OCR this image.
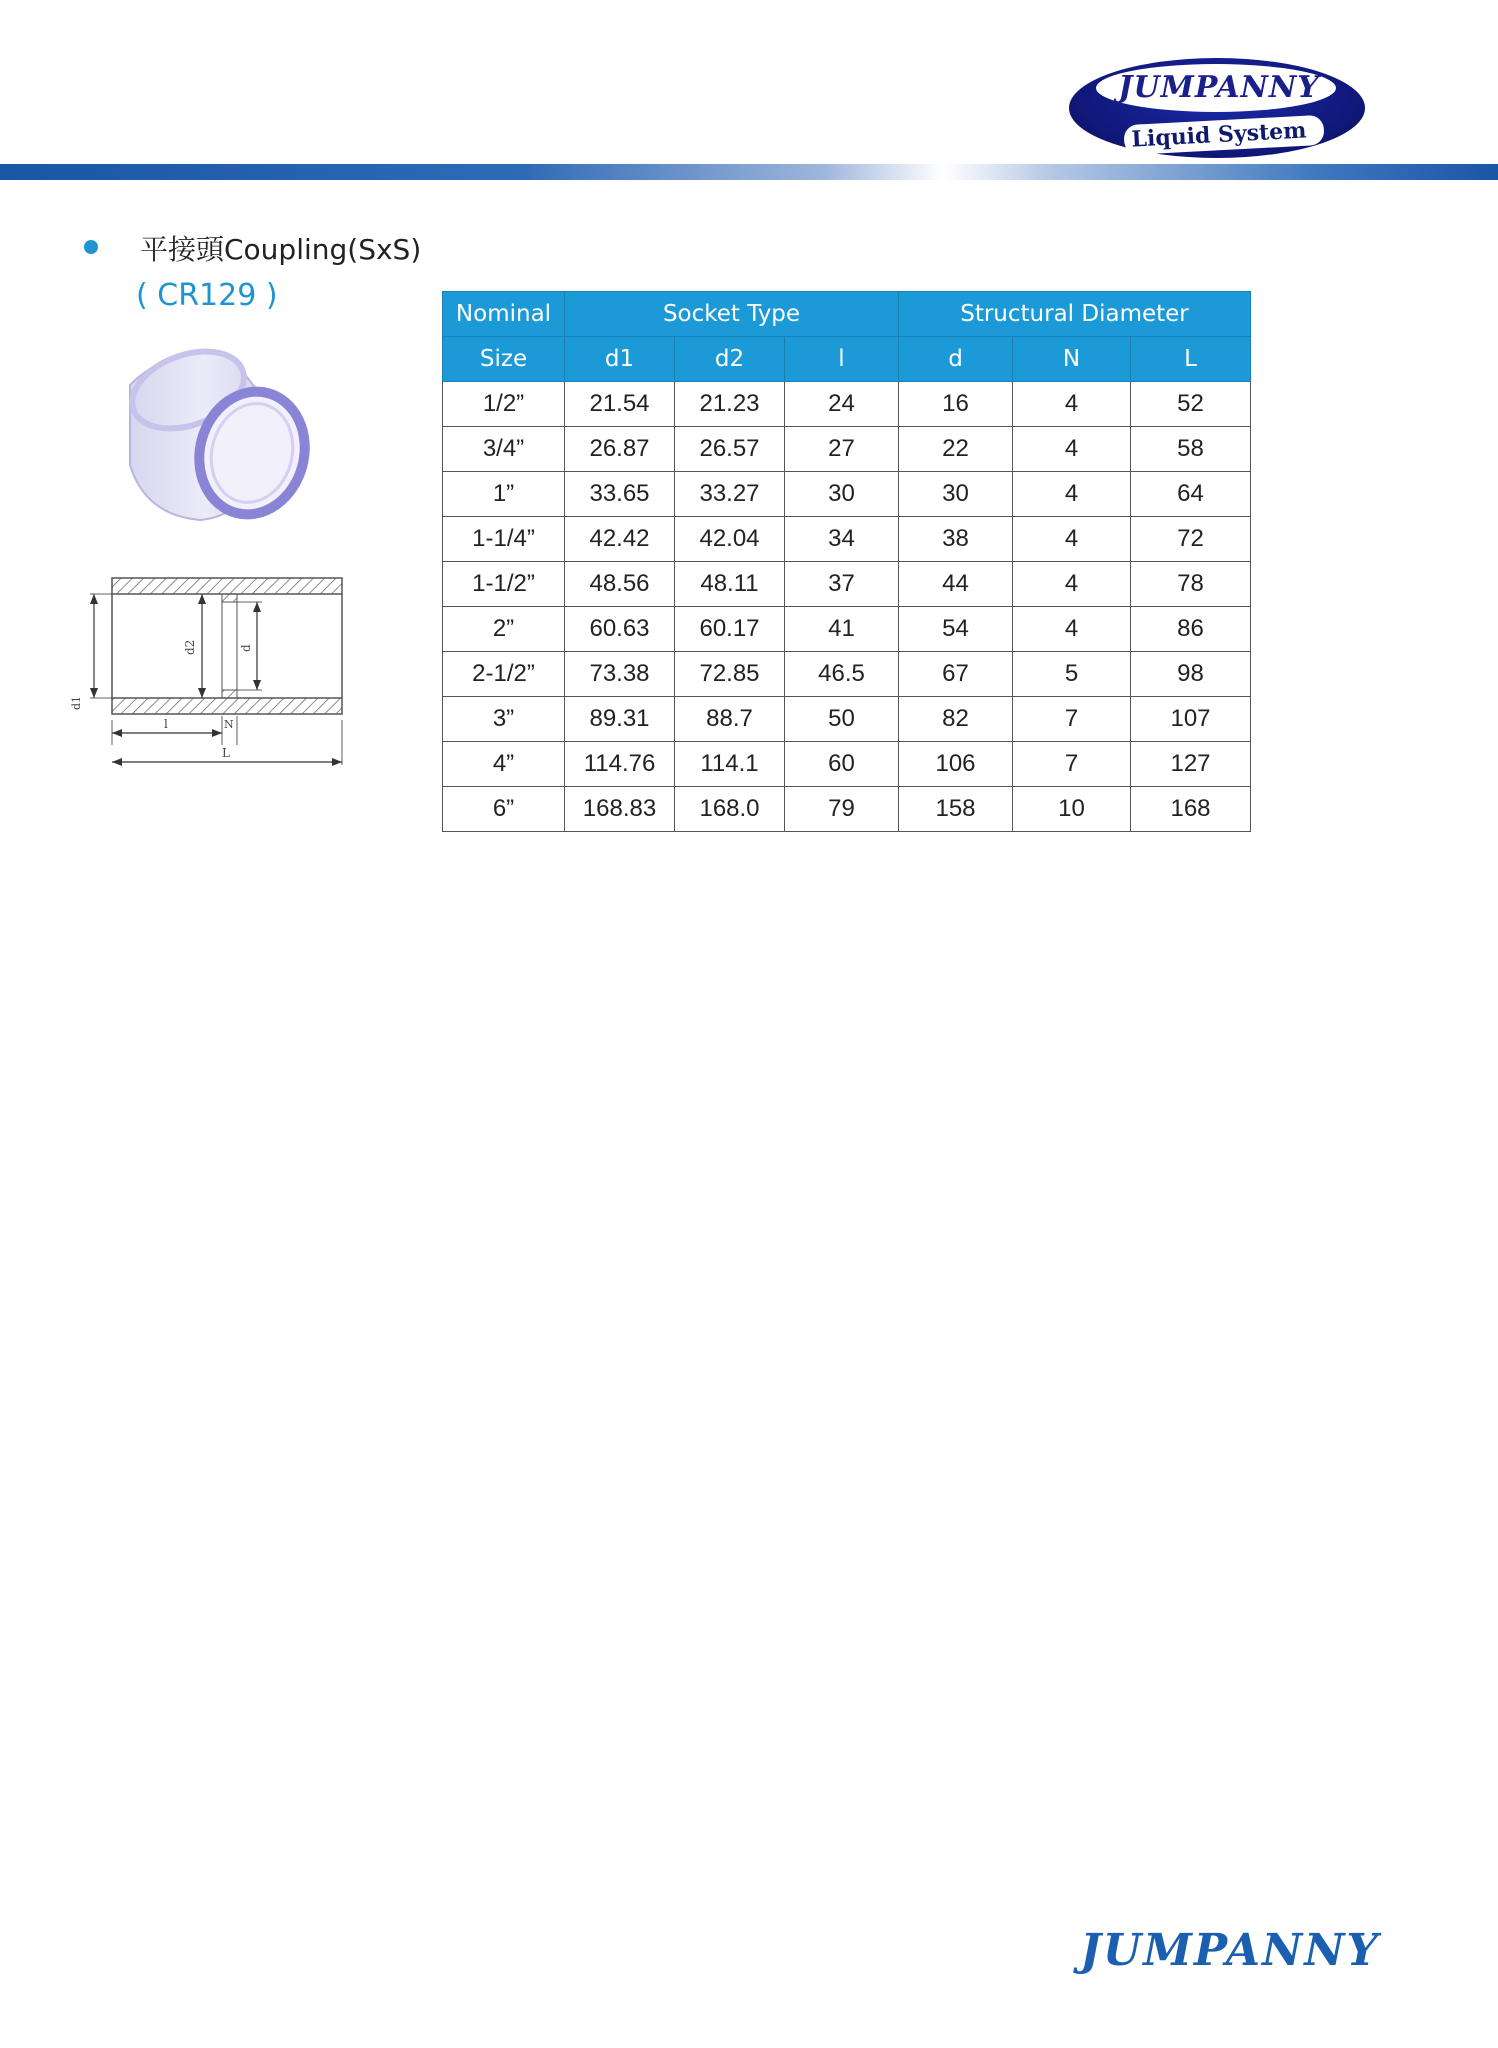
JUMPANNY
Liquid System
平接頭Coupling(SxS)
( CR129 )
d1
d2	d
l	N
L
Nominal	Socket Type			Structural Diameter		
Size	d1	d2	l	d	N	L
1/2”	21.54	21.23	24	16	4	52
3/4”	26.87	26.57	27	22	4	58
1”	33.65	33.27	30	30	4	64
1-1/4”	42.42	42.04	34	38	4	72
1-1/2”	48.56	48.11	37	44	4	78
2”	60.63	60.17	41	54	4	86
2-1/2”	73.38	72.85	46.5	67	5	98
3”	89.31	88.7	50	82	7	107
4”	114.76	114.1	60	106	7	127
6”	168.83	168.0	79	158	10	168
JUMPANNY
